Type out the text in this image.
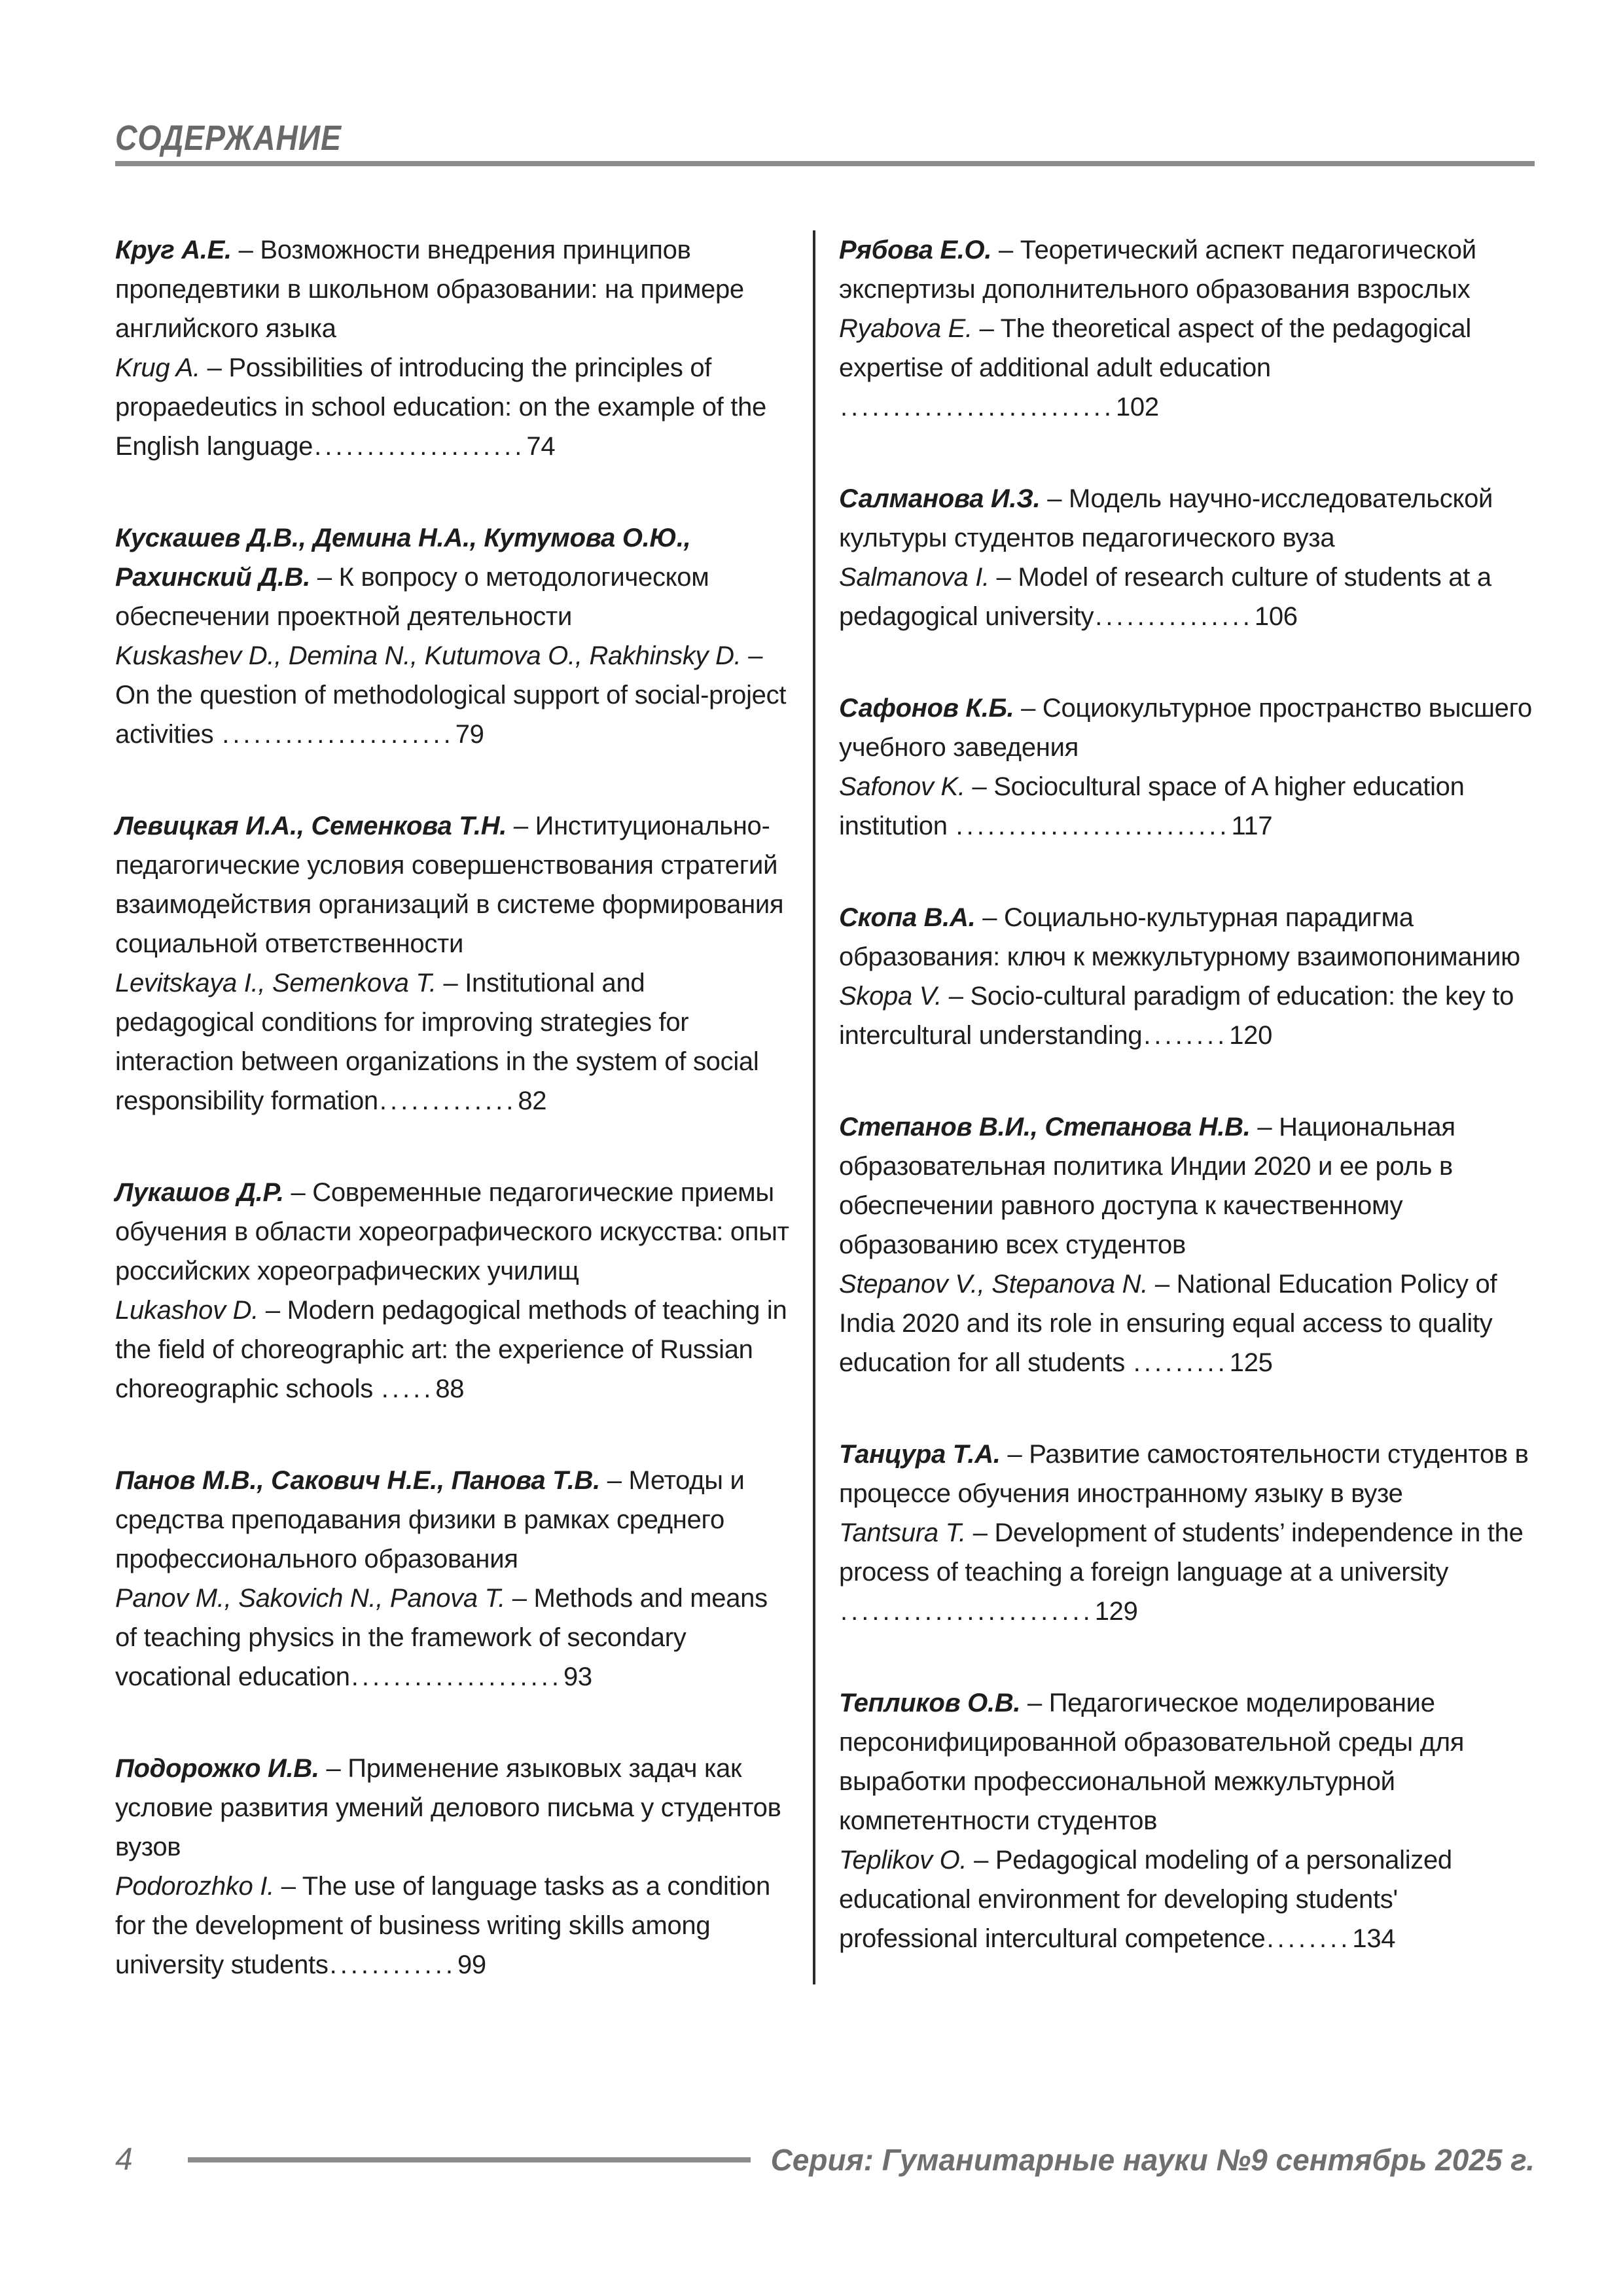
СОДЕРЖАНИЕ
Круг А.Е. – Возможности внедрения принципов пропедевтики в школьном образовании: на примере английского языка
Krug A. – Possibilities of introducing the principles of propaedeutics in school education: on the example of the English language....................74
Кускашев Д.В., Демина Н.А., Кутумова О.Ю., Рахинский Д.В. – К вопросу о методологическом обеспечении проектной деятельности
Kuskashev D., Demina N., Kutumova O., Rakhinsky D. – On the question of methodological support of social-project activities ......................79
Левицкая И.А., Семенкова Т.Н. – Институционально-педагогические условия совершенствования стратегий взаимодействия организаций в системе формирования социальной ответственности
Levitskaya I., Semenkova T. – Institutional and pedagogical conditions for improving strategies for interaction between organizations in the system of social responsibility formation.............82
Лукашов Д.Р. – Современные педагогические приемы обучения в области хореографического искусства: опыт российских хореографических училищ
Lukashov D. – Modern pedagogical methods of teaching in the field of choreographic art: the experience of Russian choreographic schools .....88
Панов М.В., Сакович Н.Е., Панова Т.В. – Методы и средства преподавания физики в рамках среднего профессионального образования
Panov M., Sakovich N., Panova T. – Methods and means of teaching physics in the framework of secondary vocational education....................93
Подорожко И.В. – Применение языковых задач как условие развития умений делового письма у студентов вузов
Podorozhko I. – The use of language tasks as a condition for the development of business writing skills among university students............99
Рябова Е.О. – Теоретический аспект педагогической экспертизы дополнительного образования взрослых
Ryabova E. – The theoretical aspect of the pedagogical expertise of additional adult education ..........................102
Салманова И.З. – Модель научно-исследовательской культуры студентов педагогического вуза
Salmanova I. – Model of research culture of students at a pedagogical university...............106
Сафонов К.Б. – Социокультурное пространство высшего учебного заведения
Safonov K. – Sociocultural space of A higher education institution ..........................117
Скопа В.А. – Социально-культурная парадигма образования: ключ к межкультурному взаимопониманию
Skopa V. – Socio-cultural paradigm of education: the key to intercultural understanding........120
Степанов В.И., Степанова Н.В. – Национальная образовательная политика Индии 2020 и ее роль в обеспечении равного доступа к качественному образованию всех студентов
Stepanov V., Stepanova N. – National Education Policy of India 2020 and its role in ensuring equal access to quality education for all students .........125
Танцура Т.А. – Развитие самостоятельности студентов в процессе обучения иностранному языку в вузе
Tantsura T. – Development of students’ independence in the process of teaching a foreign language at a university ........................129
Тепликов О.В. – Педагогическое моделирование персонифицированной образовательной среды для выработки профессиональной межкультурной компетентности студентов
Teplikov O. – Pedagogical modeling of a personalized educational environment for developing students' professional intercultural competence........134
4	Серия: Гуманитарные науки №9 сентябрь 2025 г.
